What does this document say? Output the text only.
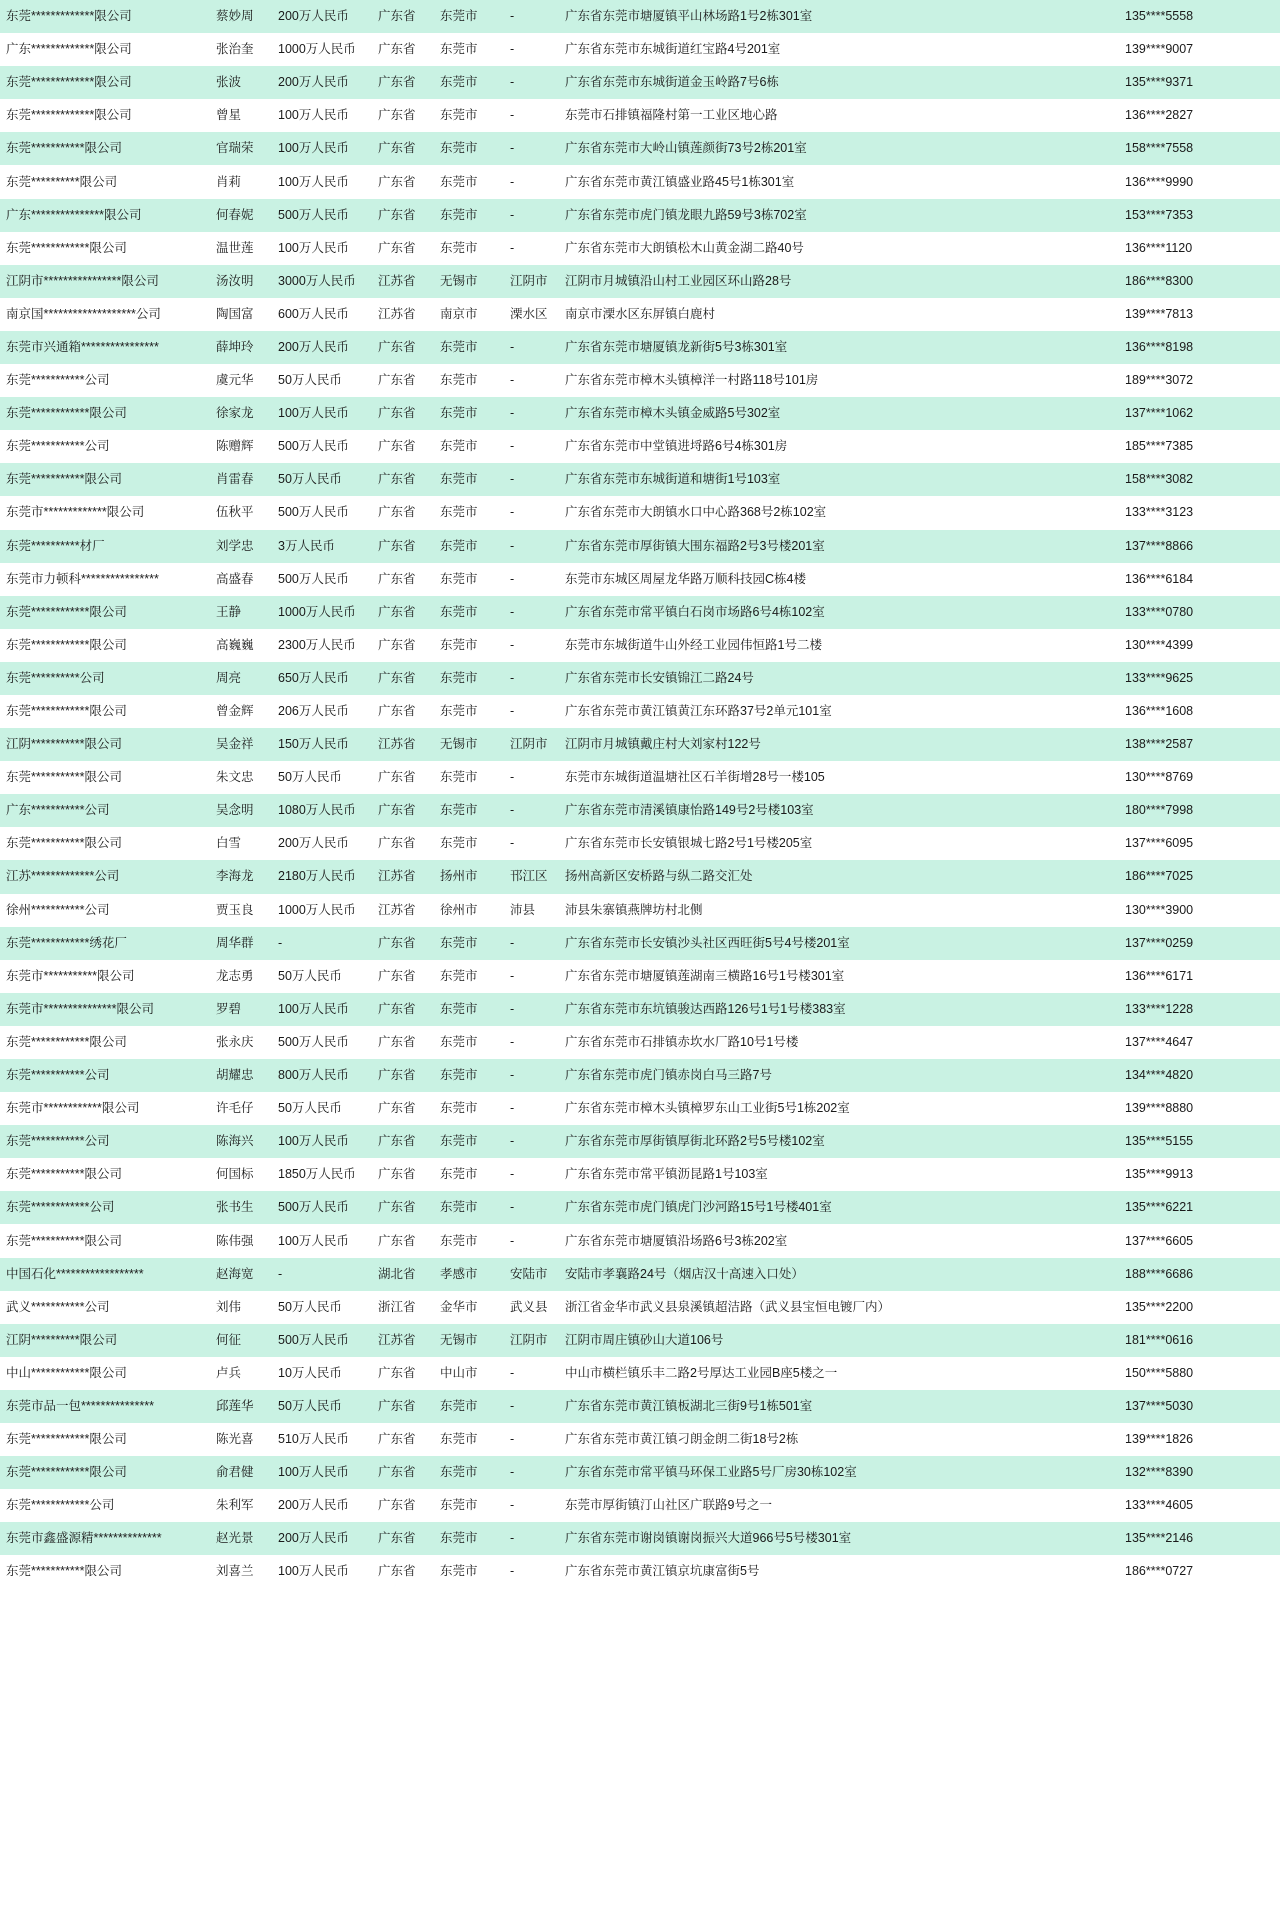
东莞*************限公司	蔡妙周	200万人民币	广东省	东莞市	-	广东省东莞市塘厦镇平山林场路1号2栋301室	135****5558
广东*************限公司	张治奎	1000万人民币	广东省	东莞市	-	广东省东莞市东城街道红宝路4号201室	139****9007
东莞*************限公司	张波	200万人民币	广东省	东莞市	-	广东省东莞市东城街道金玉岭路7号6栋	135****9371
东莞*************限公司	曾星	100万人民币	广东省	东莞市	-	东莞市石排镇福隆村第一工业区地心路	136****2827
东莞***********限公司	官瑞荣	100万人民币	广东省	东莞市	-	广东省东莞市大岭山镇莲颜街73号2栋201室	158****7558
东莞**********限公司	肖莉	100万人民币	广东省	东莞市	-	广东省东莞市黄江镇盛业路45号1栋301室	136****9990
广东***************限公司	何春妮	500万人民币	广东省	东莞市	-	广东省东莞市虎门镇龙眼九路59号3栋702室	153****7353
东莞************限公司	温世莲	100万人民币	广东省	东莞市	-	广东省东莞市大朗镇松木山黄金湖二路40号	136****1120
江阴市****************限公司	汤汝明	3000万人民币	江苏省	无锡市	江阴市	江阴市月城镇沿山村工业园区环山路28号	186****8300
南京国*******************公司	陶国富	600万人民币	江苏省	南京市	溧水区	南京市溧水区东屏镇白鹿村	139****7813
东莞市兴通箱****************	薛坤玲	200万人民币	广东省	东莞市	-	广东省东莞市塘厦镇龙新街5号3栋301室	136****8198
东莞***********公司	虞元华	50万人民币	广东省	东莞市	-	广东省东莞市樟木头镇樟洋一村路118号101房	189****3072
东莞************限公司	徐家龙	100万人民币	广东省	东莞市	-	广东省东莞市樟木头镇金威路5号302室	137****1062
东莞***********公司	陈赠辉	500万人民币	广东省	东莞市	-	广东省东莞市中堂镇进埒路6号4栋301房	185****7385
东莞***********限公司	肖雷春	50万人民币	广东省	东莞市	-	广东省东莞市东城街道和塘街1号103室	158****3082
东莞市*************限公司	伍秋平	500万人民币	广东省	东莞市	-	广东省东莞市大朗镇水口中心路368号2栋102室	133****3123
东莞**********材厂	刘学忠	3万人民币	广东省	东莞市	-	广东省东莞市厚街镇大围东福路2号3号楼201室	137****8866
东莞市力顿科****************	高盛春	500万人民币	广东省	东莞市	-	东莞市东城区周屋龙华路万顺科技园C栋4楼	136****6184
东莞************限公司	王静	1000万人民币	广东省	东莞市	-	广东省东莞市常平镇白石岗市场路6号4栋102室	133****0780
东莞************限公司	高巍巍	2300万人民币	广东省	东莞市	-	东莞市东城街道牛山外经工业园伟恒路1号二楼	130****4399
东莞**********公司	周亮	650万人民币	广东省	东莞市	-	广东省东莞市长安镇锦江二路24号	133****9625
东莞************限公司	曾金辉	206万人民币	广东省	东莞市	-	广东省东莞市黄江镇黄江东环路37号2单元101室	136****1608
江阴***********限公司	吴金祥	150万人民币	江苏省	无锡市	江阴市	江阴市月城镇戴庄村大刘家村122号	138****2587
东莞***********限公司	朱文忠	50万人民币	广东省	东莞市	-	东莞市东城街道温塘社区石羊街增28号一楼105	130****8769
广东***********公司	吴念明	1080万人民币	广东省	东莞市	-	广东省东莞市清溪镇康怡路149号2号楼103室	180****7998
东莞***********限公司	白雪	200万人民币	广东省	东莞市	-	广东省东莞市长安镇银城七路2号1号楼205室	137****6095
江苏*************公司	李海龙	2180万人民币	江苏省	扬州市	邗江区	扬州高新区安桥路与纵二路交汇处	186****7025
徐州***********公司	贾玉良	1000万人民币	江苏省	徐州市	沛县	沛县朱寨镇燕牌坊村北侧	130****3900
东莞************绣花厂	周华群	-	广东省	东莞市	-	广东省东莞市长安镇沙头社区西旺街5号4号楼201室	137****0259
东莞市***********限公司	龙志勇	50万人民币	广东省	东莞市	-	广东省东莞市塘厦镇莲湖南三横路16号1号楼301室	136****6171
东莞市***************限公司	罗碧	100万人民币	广东省	东莞市	-	广东省东莞市东坑镇骏达西路126号1号1号楼383室	133****1228
东莞************限公司	张永庆	500万人民币	广东省	东莞市	-	广东省东莞市石排镇赤坎水厂路10号1号楼	137****4647
东莞***********公司	胡耀忠	800万人民币	广东省	东莞市	-	广东省东莞市虎门镇赤岗白马三路7号	134****4820
东莞市************限公司	许毛仔	50万人民币	广东省	东莞市	-	广东省东莞市樟木头镇樟罗东山工业街5号1栋202室	139****8880
东莞***********公司	陈海兴	100万人民币	广东省	东莞市	-	广东省东莞市厚街镇厚街北环路2号5号楼102室	135****5155
东莞***********限公司	何国标	1850万人民币	广东省	东莞市	-	广东省东莞市常平镇沥昆路1号103室	135****9913
东莞************公司	张书生	500万人民币	广东省	东莞市	-	广东省东莞市虎门镇虎门沙河路15号1号楼401室	135****6221
东莞***********限公司	陈伟强	100万人民币	广东省	东莞市	-	广东省东莞市塘厦镇沿场路6号3栋202室	137****6605
中国石化******************	赵海宽	-	湖北省	孝感市	安陆市	安陆市孝襄路24号（烟店汉十高速入口处）	188****6686
武义***********公司	刘伟	50万人民币	浙江省	金华市	武义县	浙江省金华市武义县泉溪镇超洁路（武义县宝恒电镀厂内）	135****2200
江阴**********限公司	何征	500万人民币	江苏省	无锡市	江阴市	江阴市周庄镇砂山大道106号	181****0616
中山************限公司	卢兵	10万人民币	广东省	中山市	-	中山市横栏镇乐丰二路2号厚达工业园B座5楼之一	150****5880
东莞市品一包***************	邱莲华	50万人民币	广东省	东莞市	-	广东省东莞市黄江镇板湖北三街9号1栋501室	137****5030
东莞************限公司	陈光喜	510万人民币	广东省	东莞市	-	广东省东莞市黄江镇刁朗金朗二街18号2栋	139****1826
东莞************限公司	俞君健	100万人民币	广东省	东莞市	-	广东省东莞市常平镇马环保工业路5号厂房30栋102室	132****8390
东莞************公司	朱利军	200万人民币	广东省	东莞市	-	东莞市厚街镇汀山社区广联路9号之一	133****4605
东莞市鑫盛源精**************	赵光景	200万人民币	广东省	东莞市	-	广东省东莞市谢岗镇谢岗振兴大道966号5号楼301室	135****2146
东莞***********限公司	刘喜兰	100万人民币	广东省	东莞市	-	广东省东莞市黄江镇京坑康富街5号	186****0727
